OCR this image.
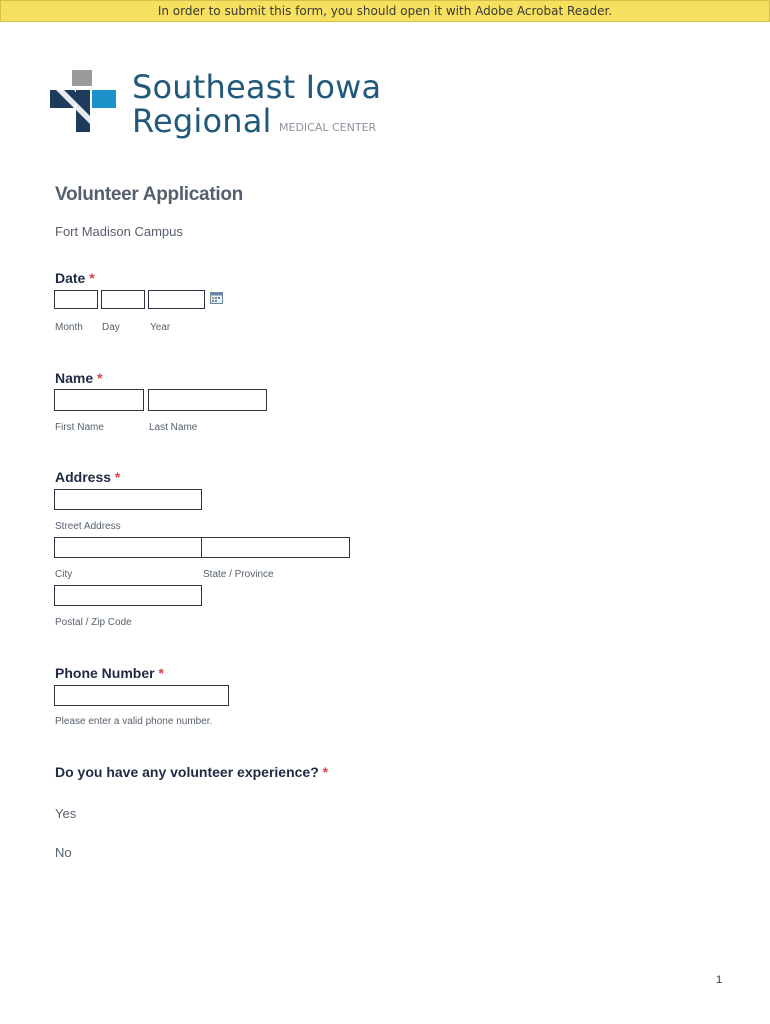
In order to submit this form, you should open it with Adobe Acrobat Reader.
Southeast Iowa
Regional MEDICAL CENTER
Volunteer Application
Fort Madison Campus
Date *
Month Day	Year
Name *
First Name	Last Name
Address *
Street Address
City	State / Province
Postal / Zip Code
Phone Number *
Please enter a valid phone number.
Do you have any volunteer experience? *
Yes
No
1
